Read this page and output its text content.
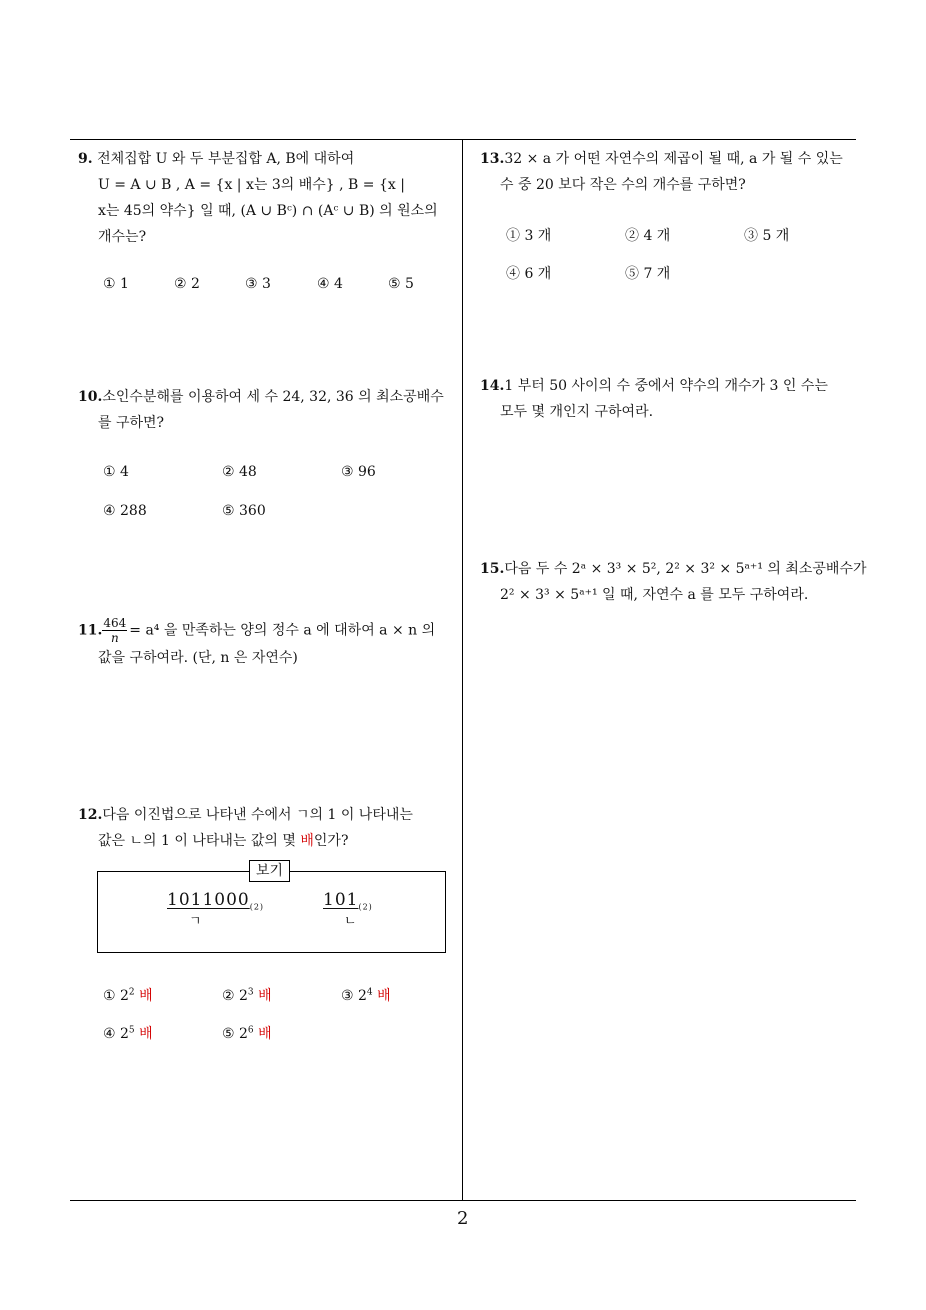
9. 전체집합 U 와 두 부분집합 A, B에 대하여
U = A ∪ B , A = {x | x는 3의 배수} , B = {x |
x는 45의 약수} 일 때, (A ∪ Bᶜ) ∩ (Aᶜ ∪ B) 의 원소의
개수는?
① 1	② 2	③ 3	④ 4	⑤ 5
10.소인수분해를 이용하여 세 수 24, 32, 36 의 최소공배수
를 구하면?
① 4	② 48	③ 96
④ 288	⑤ 360
11. $\frac{464}{n} = a^4$ 을 만족하는 양의 정수 a 에 대하여 a × n 의
값을 구하여라. (단, n 은 자연수)
12.다음 이진법으로 나타낸 수에서 ㄱ의 1 이 나타내는
값은 ㄴ의 1 이 나타내는 값의 몇 배인가?
보기
$1011000_{(2)}$
ㄱ
$101_{(2)}$
ㄴ
① $2^2$ 배	② $2^3$ 배	③ $2^4$ 배
④ $2^5$ 배	⑤ $2^6$ 배
13.32 × a 가 어떤 자연수의 제곱이 될 때, a 가 될 수 있는
수 중 20 보다 작은 수의 개수를 구하면?
① 3 개	② 4 개	③ 5 개
④ 6 개	⑤ 7 개
14.1 부터 50 사이의 수 중에서 약수의 개수가 3 인 수는
모두 몇 개인지 구하여라.
15.다음 두 수 2ᵃ × 3³ × 5², 2² × 3² × 5ᵃ⁺¹ 의 최소공배수가
2² × 3³ × 5ᵃ⁺¹ 일 때, 자연수 a 를 모두 구하여라.
2
